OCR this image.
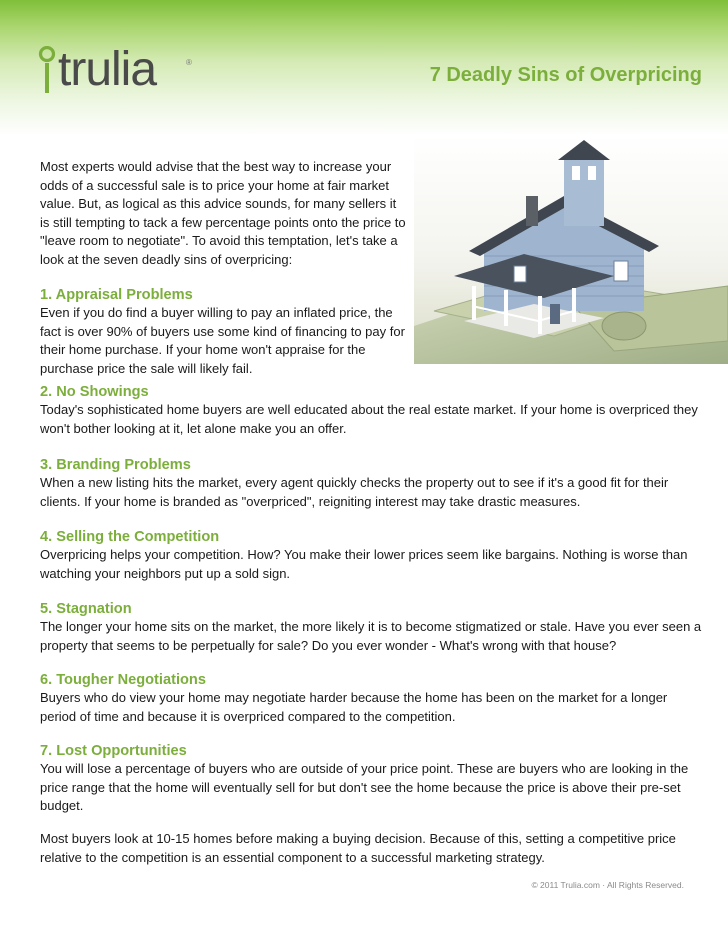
trulia	®
7 Deadly Sins of Overpricing

Most experts would advise that the best way to increase your odds of a successful sale is to price your home at fair market value. But, as logical as this advice sounds, for many sellers it is still tempting to tack a few percentage points onto the price to "leave room to negotiate". To avoid this temptation, let's take a look at the seven deadly sins of overpricing:

1. Appraisal Problems

Even if you do find a buyer willing to pay an inflated price, the fact is over 90% of buyers use some kind of financing to pay for their home purchase. If your home won't appraise for the purchase price the sale will likely fail.

2. No Showings

Today's sophisticated home buyers are well educated about the real estate market. If your home is overpriced they won't bother looking at it, let alone make you an offer.

3. Branding Problems

When a new listing hits the market, every agent quickly checks the property out to see if it's a good fit for their clients. If your home is branded as "overpriced", reigniting interest may take drastic measures.

4. Selling the Competition

Overpricing helps your competition. How? You make their lower prices seem like bargains. Nothing is worse than watching your neighbors put up a sold sign.

5. Stagnation

The longer your home sits on the market, the more likely it is to become stigmatized or stale. Have you ever seen a property that seems to be perpetually for sale? Do you ever wonder - What's wrong with that house?

6. Tougher Negotiations

Buyers who do view your home may negotiate harder because the home has been on the market for a longer period of time and because it is overpriced compared to the competition.

7. Lost Opportunities

You will lose a percentage of buyers who are outside of your price point. These are buyers who are looking in the price range that the home will eventually sell for but don't see the home because the price is above their pre-set budget.

Most buyers look at 10-15 homes before making a buying decision. Because of this, setting a competitive price relative to the competition is an essential component to a successful marketing strategy.

© 2011 Trulia.com · All Rights Reserved.
